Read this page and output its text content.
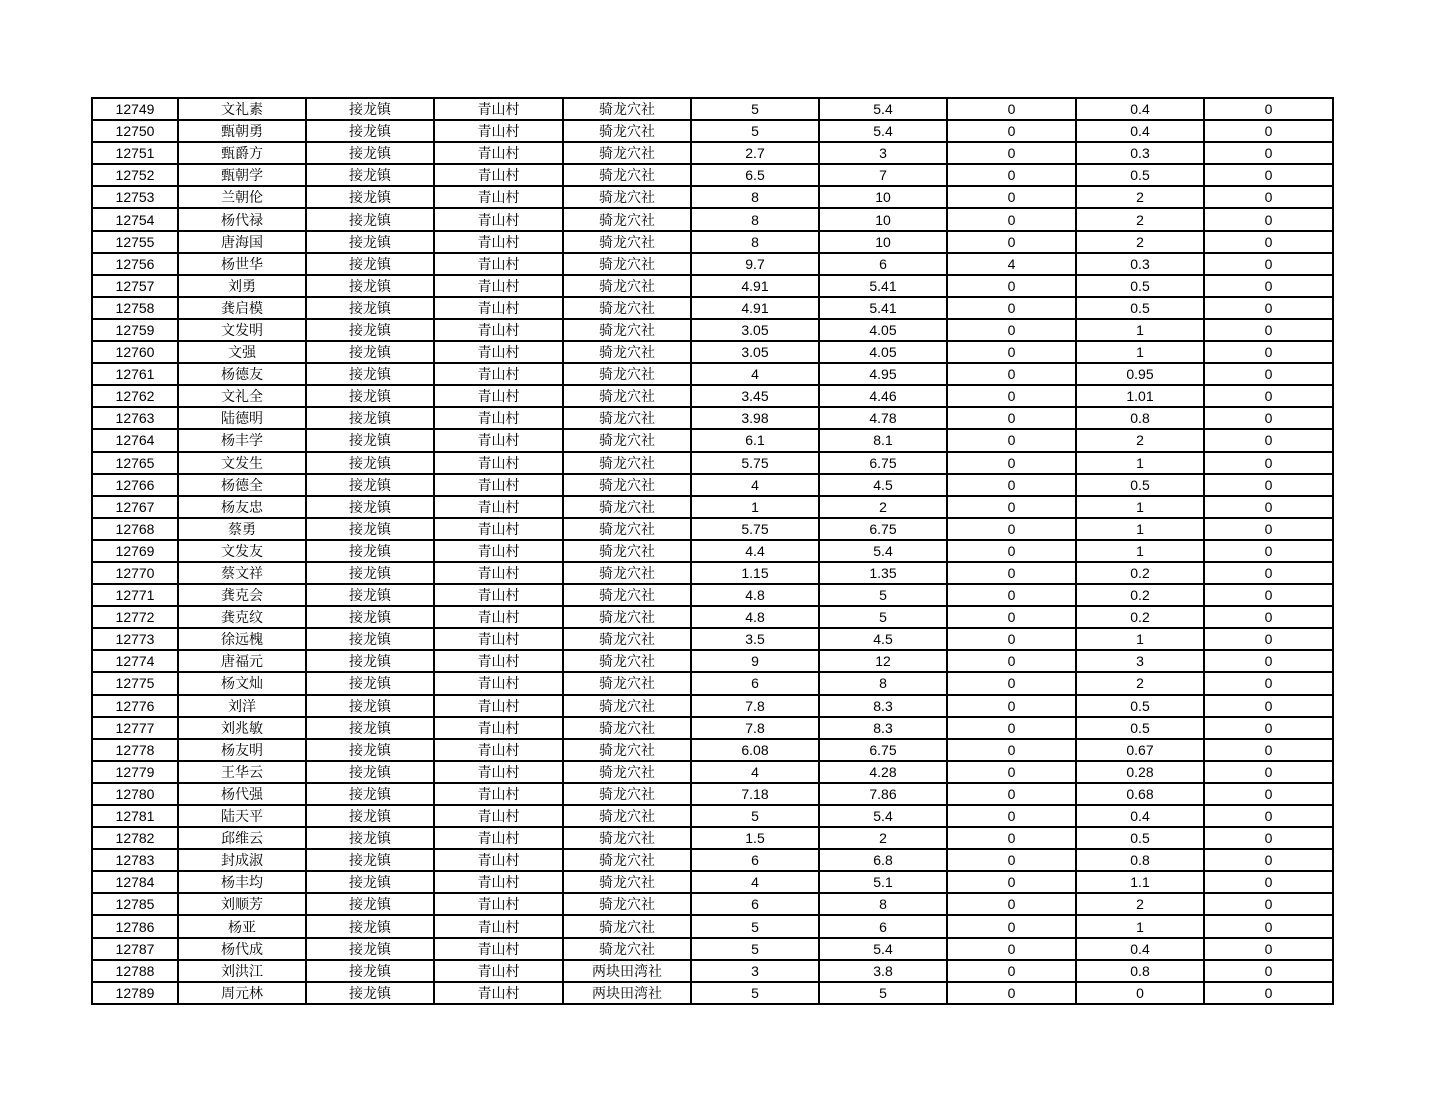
12749	文礼素	接龙镇	青山村	骑龙穴社	5	5.4	0	0.4	0
12750	甄朝勇	接龙镇	青山村	骑龙穴社	5	5.4	0	0.4	0
12751	甄爵方	接龙镇	青山村	骑龙穴社	2.7	3	0	0.3	0
12752	甄朝学	接龙镇	青山村	骑龙穴社	6.5	7	0	0.5	0
12753	兰朝伦	接龙镇	青山村	骑龙穴社	8	10	0	2	0
12754	杨代禄	接龙镇	青山村	骑龙穴社	8	10	0	2	0
12755	唐海国	接龙镇	青山村	骑龙穴社	8	10	0	2	0
12756	杨世华	接龙镇	青山村	骑龙穴社	9.7	6	4	0.3	0
12757	刘勇	接龙镇	青山村	骑龙穴社	4.91	5.41	0	0.5	0
12758	龚启模	接龙镇	青山村	骑龙穴社	4.91	5.41	0	0.5	0
12759	文发明	接龙镇	青山村	骑龙穴社	3.05	4.05	0	1	0
12760	文强	接龙镇	青山村	骑龙穴社	3.05	4.05	0	1	0
12761	杨德友	接龙镇	青山村	骑龙穴社	4	4.95	0	0.95	0
12762	文礼全	接龙镇	青山村	骑龙穴社	3.45	4.46	0	1.01	0
12763	陆德明	接龙镇	青山村	骑龙穴社	3.98	4.78	0	0.8	0
12764	杨丰学	接龙镇	青山村	骑龙穴社	6.1	8.1	0	2	0
12765	文发生	接龙镇	青山村	骑龙穴社	5.75	6.75	0	1	0
12766	杨德全	接龙镇	青山村	骑龙穴社	4	4.5	0	0.5	0
12767	杨友忠	接龙镇	青山村	骑龙穴社	1	2	0	1	0
12768	蔡勇	接龙镇	青山村	骑龙穴社	5.75	6.75	0	1	0
12769	文发友	接龙镇	青山村	骑龙穴社	4.4	5.4	0	1	0
12770	蔡文祥	接龙镇	青山村	骑龙穴社	1.15	1.35	0	0.2	0
12771	龚克会	接龙镇	青山村	骑龙穴社	4.8	5	0	0.2	0
12772	龚克纹	接龙镇	青山村	骑龙穴社	4.8	5	0	0.2	0
12773	徐远槐	接龙镇	青山村	骑龙穴社	3.5	4.5	0	1	0
12774	唐福元	接龙镇	青山村	骑龙穴社	9	12	0	3	0
12775	杨文灿	接龙镇	青山村	骑龙穴社	6	8	0	2	0
12776	刘洋	接龙镇	青山村	骑龙穴社	7.8	8.3	0	0.5	0
12777	刘兆敏	接龙镇	青山村	骑龙穴社	7.8	8.3	0	0.5	0
12778	杨友明	接龙镇	青山村	骑龙穴社	6.08	6.75	0	0.67	0
12779	王华云	接龙镇	青山村	骑龙穴社	4	4.28	0	0.28	0
12780	杨代强	接龙镇	青山村	骑龙穴社	7.18	7.86	0	0.68	0
12781	陆天平	接龙镇	青山村	骑龙穴社	5	5.4	0	0.4	0
12782	邱维云	接龙镇	青山村	骑龙穴社	1.5	2	0	0.5	0
12783	封成淑	接龙镇	青山村	骑龙穴社	6	6.8	0	0.8	0
12784	杨丰均	接龙镇	青山村	骑龙穴社	4	5.1	0	1.1	0
12785	刘顺芳	接龙镇	青山村	骑龙穴社	6	8	0	2	0
12786	杨亚	接龙镇	青山村	骑龙穴社	5	6	0	1	0
12787	杨代成	接龙镇	青山村	骑龙穴社	5	5.4	0	0.4	0
12788	刘洪江	接龙镇	青山村	两块田湾社	3	3.8	0	0.8	0
12789	周元林	接龙镇	青山村	两块田湾社	5	5	0	0	0
